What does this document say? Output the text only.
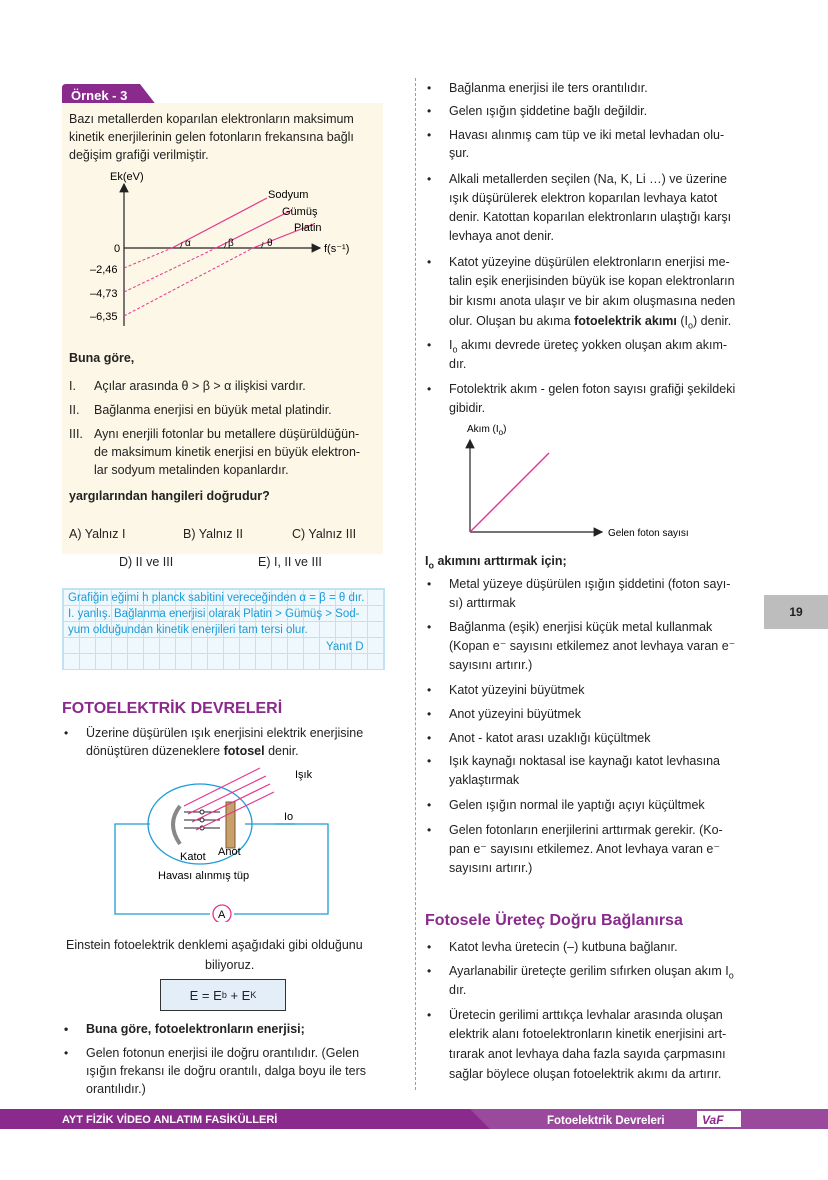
Örnek - 3
Bazı metallerden koparılan elektronların maksimum
kinetik enerjilerinin gelen fotonların frekansına bağlı
değişim grafiği verilmiştir.
Ek(eV)
f(s⁻¹)
0
–2,46
–4,73
–6,35
Sodyum
Gümüş
Platin
α	β	θ
Buna göre,
I. Açılar arasında θ > β > α ilişkisi vardır.
II. Bağlanma enerjisi en büyük metal platindir.
III. Aynı enerjili fotonlar bu metallere düşürüldüğün-
de maksimum kinetik enerjisi en büyük elektron-
lar sodyum metalinden kopanlardır.
yargılarından hangileri doğrudur?
A) Yalnız I	B) Yalnız II	C) Yalnız III
D) II ve III	E) I, II ve III
Grafiğin eğimi h planck sabitini vereceğinden α = β = θ dır.
I. yanlış. Bağlanma enerjisi olarak Platin > Gümüş > Sod-
yum olduğundan kinetik enerjileri tam tersi olur.
Yanıt D
FOTOELEKTRİK DEVRELERİ
• Üzerine düşürülen ışık enerjisini elektrik enerjisine
dönüştüren düzeneklere fotosel denir.
A
Işık
Io
Katot Anot
Havası alınmış tüp
Einstein fotoelektrik denklemi aşağıdaki gibi olduğunu
biliyoruz.
E = E b + E K
• Buna göre, fotoelektronların enerjisi;
• Gelen fotonun enerjisi ile doğru orantılıdır. (Gelen
ışığın frekansı ile doğru orantılı, dalga boyu ile ters
orantılıdır.)
• Bağlanma enerjisi ile ters orantılıdır.
• Gelen ışığın şiddetine bağlı değildir.
• Havası alınmış cam tüp ve iki metal levhadan olu-
şur.
• Alkali metallerden seçilen (Na, K, Li …) ve üzerine
ışık düşürülerek elektron koparılan levhaya katot
denir. Katottan koparılan elektronların ulaştığı karşı
levhaya anot denir.
• Katot yüzeyine düşürülen elektronların enerjisi me-
talin eşik enerjisinden büyük ise kopan elektronların
bir kısmı anota ulaşır ve bir akım oluşmasına neden
olur. Oluşan bu akıma fotoelektrik akımı $(I_o)$ denir.
• $I_o$ akımı devrede üreteç yokken oluşan akım akım-
dır.
• Fotolektrik akım - gelen foton sayısı grafiği şekildeki
gibidir.
Akım $(I_o)$
Gelen foton sayısı
$I_o$ akımını arttırmak için;
• Metal yüzeye düşürülen ışığın şiddetini (foton sayı-
sı) arttırmak
• Bağlanma (eşik) enerjisi küçük metal kullanmak
(Kopan e⁻ sayısını etkilemez anot levhaya varan e⁻
sayısını artırır.)
• Katot yüzeyini büyütmek
• Anot yüzeyini büyütmek
• Anot - katot arası uzaklığı küçültmek
• Işık kaynağı noktasal ise kaynağı katot levhasına
yaklaştırmak
• Gelen ışığın normal ile yaptığı açıyı küçültmek
• Gelen fotonların enerjilerini arttırmak gerekir. (Ko-
pan e⁻ sayısını etkilemez. Anot levhaya varan e⁻
sayısını artırır.)
Fotosele Üreteç Doğru Bağlanırsa
• Katot levha üretecin (–) kutbuna bağlanır.
• Ayarlanabilir üreteçte gerilim sıfırken oluşan akım $I_o$
dır.
• Üretecin gerilimi arttıkça levhalar arasında oluşan
elektrik alanı fotoelektronların kinetik enerjisini art-
tırarak anot levhaya daha fazla sayıda çarpmasını
sağlar böylece oluşan fotoelektrik akımı da artırır.
19
AYT FİZİK VİDEO ANLATIM FASİKÜLLERİ	Fotoelektrik Devreleri	VaF
